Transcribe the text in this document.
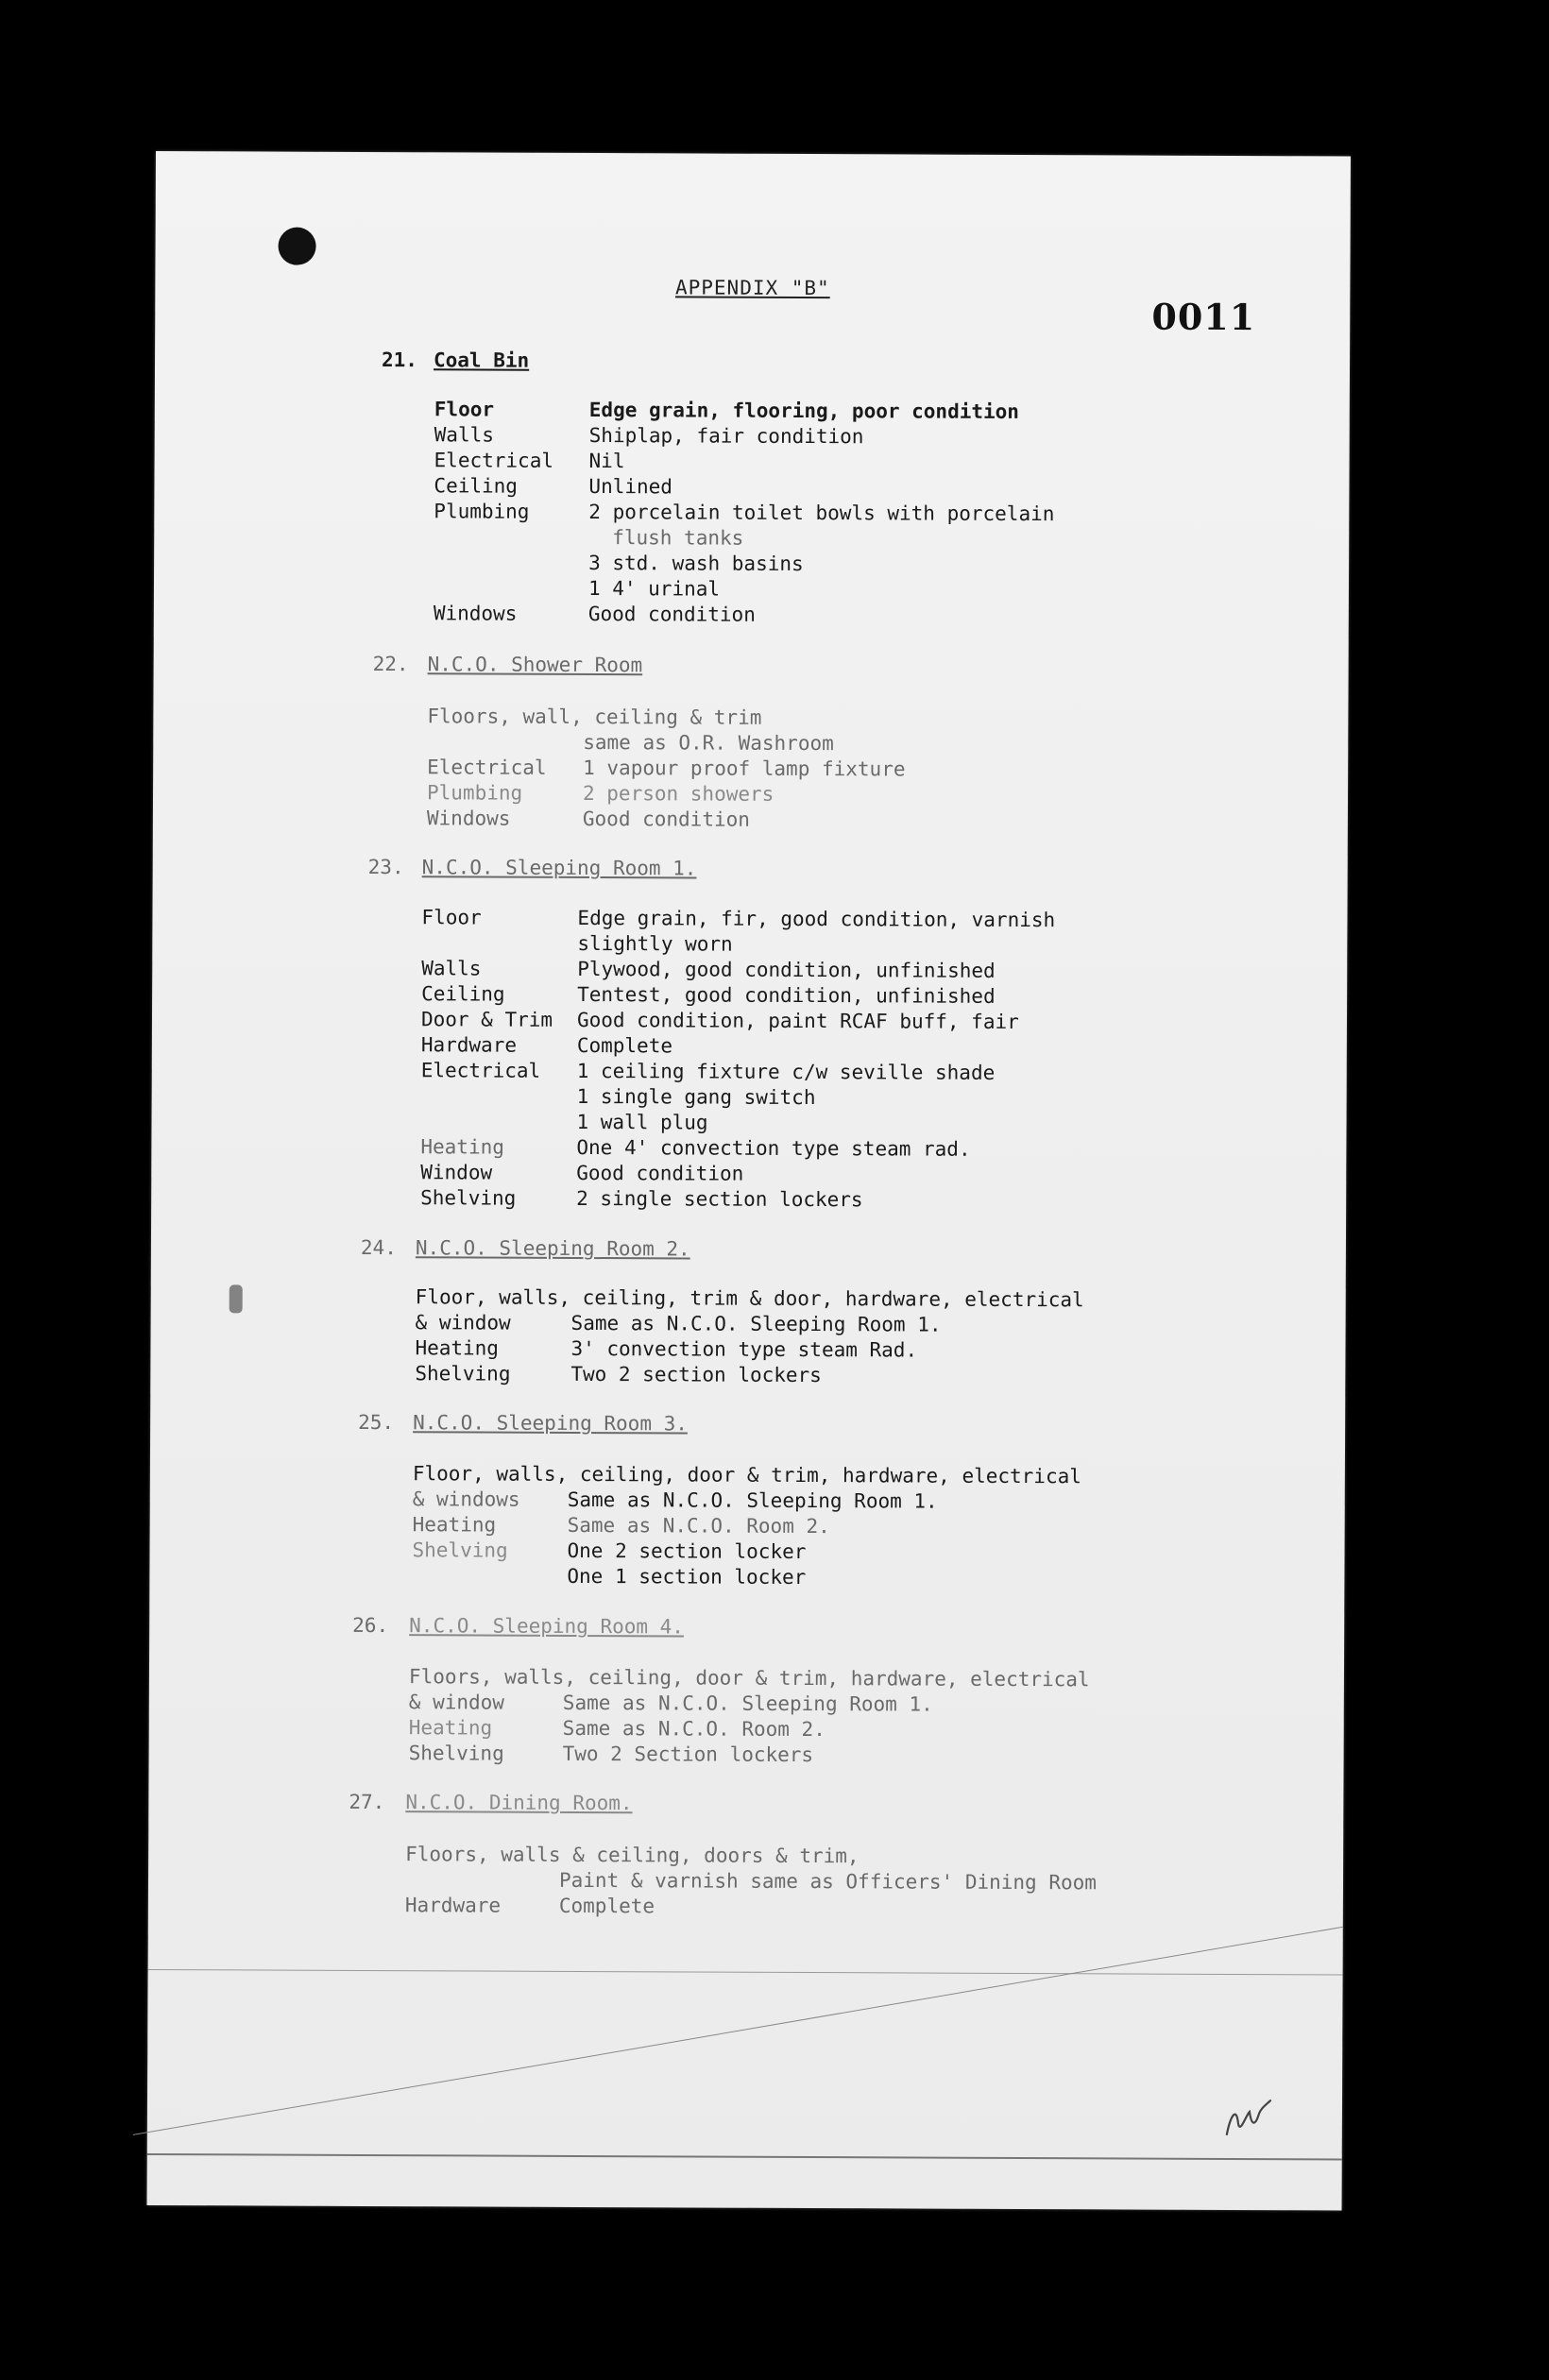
APPENDIX "B"
0011
21. Coal Bin
Floor	Edge grain, flooring, poor condition
Walls	Shiplap, fair condition
Electrical Nil
Ceiling	Unlined
Plumbing	2 porcelain toilet bowls with porcelain
flush tanks
3 std. wash basins
1 4' urinal
Windows	Good condition
22. N.C.O. Shower Room
Floors, wall, ceiling & trim
same as O.R. Washroom
Electrical 1 vapour proof lamp fixture
Plumbing	2 person showers
Windows	Good condition
23. N.C.O. Sleeping Room 1.
Floor	Edge grain, fir, good condition, varnish
slightly worn
Walls	Plywood, good condition, unfinished
Ceiling	Tentest, good condition, unfinished
Door & Trim Good condition, paint RCAF buff, fair
Hardware	Complete
Electrical 1 ceiling fixture c/w seville shade
1 single gang switch
1 wall plug
Heating	One 4' convection type steam rad.
Window	Good condition
Shelving	2 single section lockers
24. N.C.O. Sleeping Room 2.
Floor, walls, ceiling, trim & door, hardware, electrical
& window	Same as N.C.O. Sleeping Room 1.
Heating	3' convection type steam Rad.
Shelving	Two 2 section lockers
25. N.C.O. Sleeping Room 3.
Floor, walls, ceiling, door & trim, hardware, electrical
& windows Same as N.C.O. Sleeping Room 1.
Heating	Same as N.C.O. Room 2.
Shelving	One 2 section locker
One 1 section locker
26. N.C.O. Sleeping Room 4.
Floors, walls, ceiling, door & trim, hardware, electrical
& window	Same as N.C.O. Sleeping Room 1.
Heating	Same as N.C.O. Room 2.
Shelving	Two 2 Section lockers
27. N.C.O. Dining Room.
Floors, walls & ceiling, doors & trim,
Paint & varnish same as Officers' Dining Room
Hardware	Complete
